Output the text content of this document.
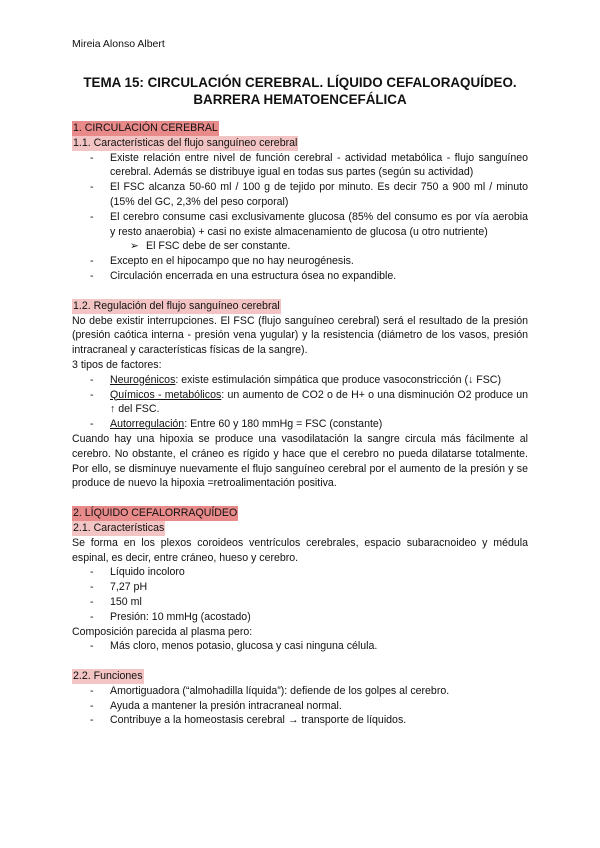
Mireia Alonso Albert
TEMA 15: CIRCULACIÓN CEREBRAL. LÍQUIDO CEFALORAQUÍDEO.
BARRERA HEMATOENCEFÁLICA
1. CIRCULACIÓN CEREBRAL
1.1. Características del flujo sanguíneo cerebral
- Existe relación entre nivel de función cerebral - actividad metabólica - flujo sanguíneo cerebral. Además se distribuye igual en todas sus partes (según su actividad)
- El FSC alcanza 50-60 ml / 100 g de tejido por minuto. Es decir 750 a 900 ml / minuto (15% del GC, 2,3% del peso corporal)
- El cerebro consume casi exclusivamente glucosa (85% del consumo es por vía aerobia y resto anaerobia) + casi no existe almacenamiento de glucosa (u otro nutriente)
➢ El FSC debe de ser constante.
- Excepto en el hipocampo que no hay neurogénesis.
- Circulación encerrada en una estructura ósea no expandible.
1.2. Regulación del flujo sanguíneo cerebral

No debe existir interrupciones. El FSC (flujo sanguíneo cerebral) será el resultado de la presión (presión caótica interna - presión vena yugular) y la resistencia (diámetro de los vasos, presión intracraneal y características físicas de la sangre).

3 tipos de factores:

- Neurogénicos: existe estimulación simpática que produce vasoconstricción (↓ FSC)
- Químicos - metabólicos: un aumento de CO2 o de H+ o una disminución O2 produce un ↑ del FSC.
- Autorregulación: Entre 60 y 180 mmHg = FSC (constante)

Cuando hay una hipoxia se produce una vasodilatación la sangre circula más fácilmente al cerebro. No obstante, el cráneo es rígido y hace que el cerebro no pueda dilatarse totalmente. Por ello, se disminuye nuevamente el flujo sanguíneo cerebral por el aumento de la presión y se produce de nuevo la hipoxia =retroalimentación positiva.

2. LÍQUIDO CEFALORRAQUÍDEO
2.1. Características

Se forma en los plexos coroideos ventrículos cerebrales, espacio subaracnoideo y médula espinal, es decir, entre cráneo, hueso y cerebro.

- Líquido incoloro
- 7,27 pH
- 150 ml
- Presión: 10 mmHg (acostado)

Composición parecida al plasma pero:

- Más cloro, menos potasio, glucosa y casi ninguna célula.
2.2. Funciones
- Amortiguadora (“almohadilla líquida”): defiende de los golpes al cerebro.
- Ayuda a mantener la presión intracraneal normal.
- Contribuye a la homeostasis cerebral → transporte de líquidos.
